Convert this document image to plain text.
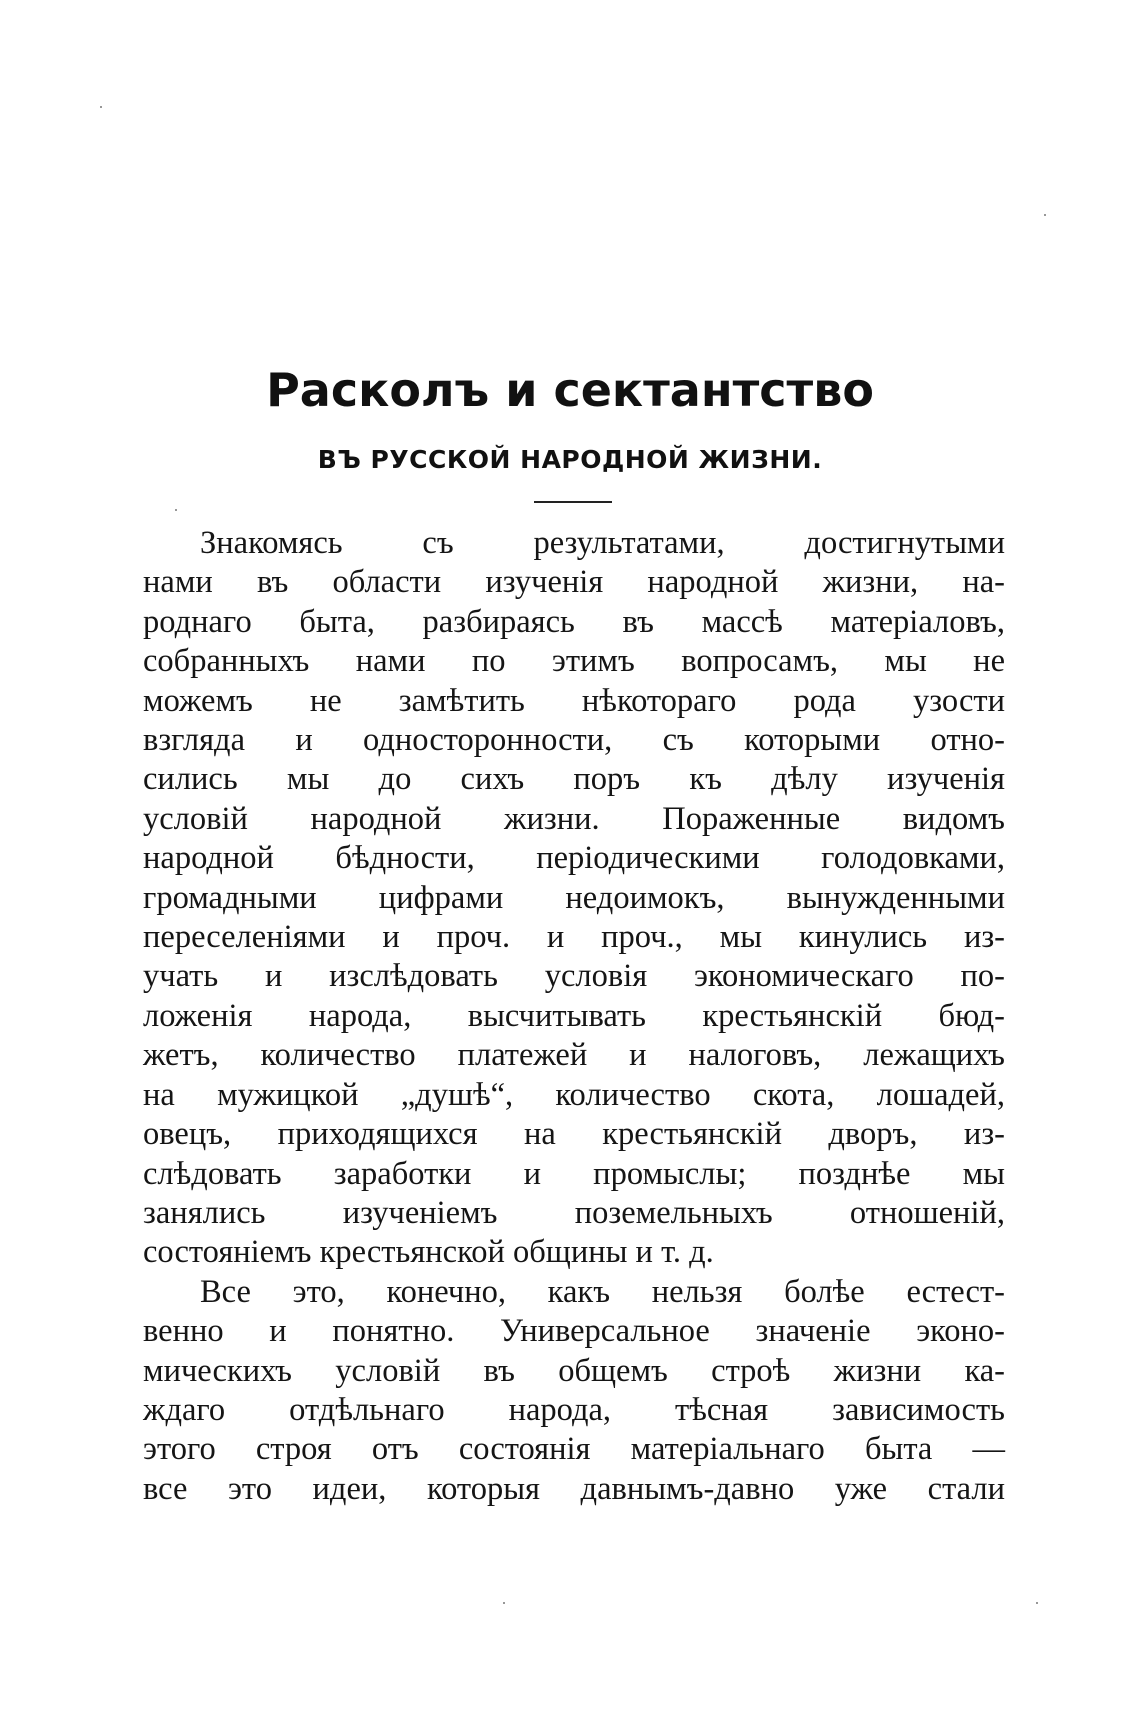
Расколъ и сектантство
ВЪ РУССКОЙ НАРОДНОЙ ЖИЗНИ.
Знакомясь съ результатами, достигнутыми
нами въ области изученія народной жизни, на-
роднаго быта, разбираясь въ массѣ матеріаловъ,
собранныхъ нами по этимъ вопросамъ, мы не
можемъ не замѣтить нѣкотораго рода узости
взгляда и односторонности, съ которыми отно-
сились мы до сихъ поръ къ дѣлу изученія
условій народной жизни. Пораженные видомъ
народной бѣдности, періодическими голодовками,
громадными цифрами недоимокъ, вынужденными
переселеніями и проч. и проч., мы кинулись из-
учать и изслѣдовать условія экономическаго по-
ложенія народа, высчитывать крестьянскій бюд-
жетъ, количество платежей и налоговъ, лежащихъ
на мужицкой „душѣ“, количество скота, лошадей,
овецъ, приходящихся на крестьянскій дворъ, из-
слѣдовать заработки и промыслы; позднѣе мы
занялись изученіемъ поземельныхъ отношеній,
состояніемъ крестьянской общины и т. д.
Все это, конечно, какъ нельзя болѣе естест-
венно и понятно. Универсальное значеніе эконо-
мическихъ условій въ общемъ строѣ жизни ка-
ждаго отдѣльнаго народа, тѣсная зависимость
этого строя отъ состоянія матеріальнаго быта —
все это идеи, которыя давнымъ-давно уже стали
